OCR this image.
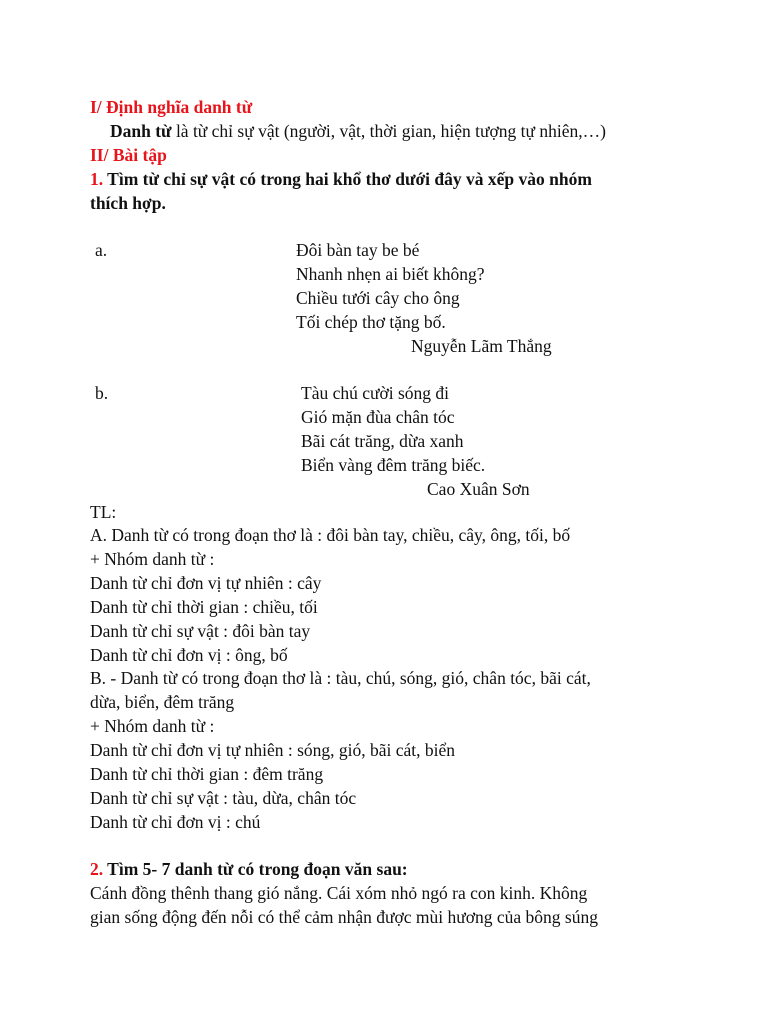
I/ Định nghĩa danh từ
Danh từ là từ chỉ sự vật (người, vật, thời gian, hiện tượng tự nhiên,…)
II/ Bài tập
1. Tìm từ chỉ sự vật có trong hai khổ thơ dưới đây và xếp vào nhóm
thích hợp.
a.	Đôi bàn tay be bé
Nhanh nhẹn ai biết không?
Chiều tưới cây cho ông
Tối chép thơ tặng bố.
Nguyễn Lãm Thắng
b.	Tàu chú cười sóng đi
Gió mặn đùa chân tóc
Bãi cát trăng, dừa xanh
Biển vàng đêm trăng biếc.
Cao Xuân Sơn
TL:
A. Danh từ có trong đoạn thơ là : đôi bàn tay, chiều, cây, ông, tối, bố
+ Nhóm danh từ :
Danh từ chỉ đơn vị tự nhiên : cây
Danh từ chỉ thời gian : chiều, tối
Danh từ chỉ sự vật : đôi bàn tay
Danh từ chỉ đơn vị : ông, bố
B. - Danh từ có trong đoạn thơ là : tàu, chú, sóng, gió, chân tóc, bãi cát,
dừa, biển, đêm trăng
+ Nhóm danh từ :
Danh từ chỉ đơn vị tự nhiên : sóng, gió, bãi cát, biển
Danh từ chỉ thời gian : đêm trăng
Danh từ chỉ sự vật : tàu, dừa, chân tóc
Danh từ chỉ đơn vị : chú
2. Tìm 5- 7 danh từ có trong đoạn văn sau:
Cánh đồng thênh thang gió nắng. Cái xóm nhỏ ngó ra con kinh. Không
gian sống động đến nỗi có thể cảm nhận được mùi hương của bông súng
